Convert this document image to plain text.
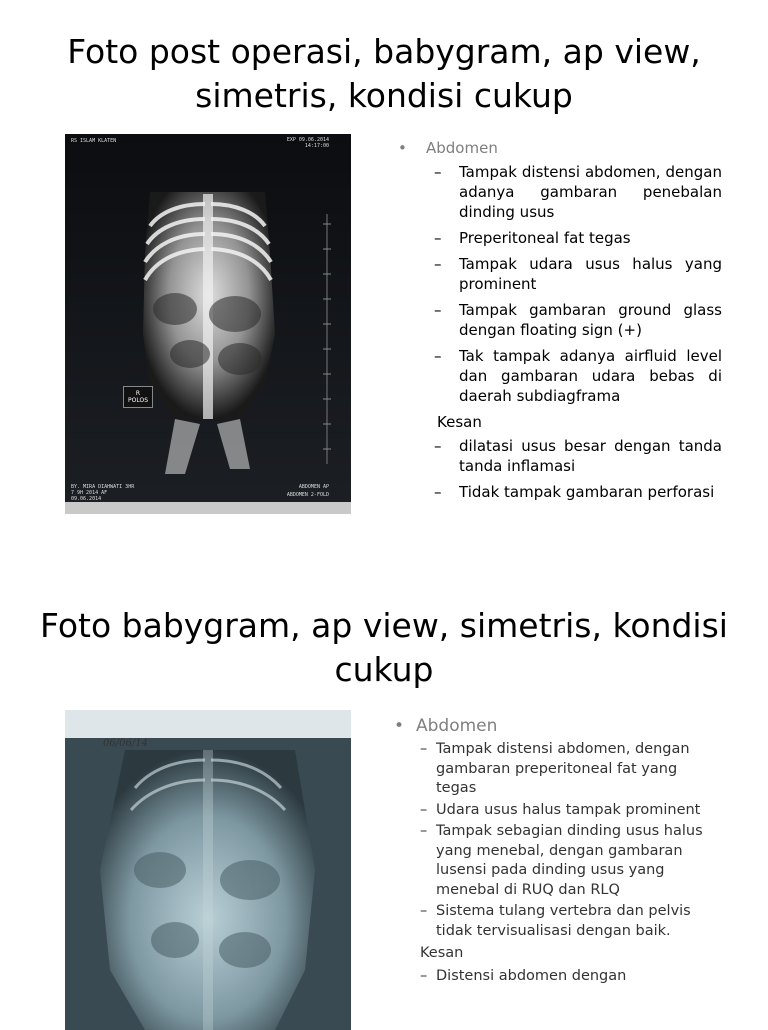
Foto post operasi, babygram, ap view, simetris, kondisi cukup
RS ISLAM KLATEN	EXP 09.06.2014
14:17:00
R
POLOS
BY. MIRA DIAHWATI 3HR
7 9H 2014 AF
09.06.2014
ABDOMEN AP
ABDOMEN 2-FOLD
• Abdomen
– Tampak distensi abdomen, dengan adanya gambaran penebalan dinding usus
– Preperitoneal fat tegas
– Tampak udara usus halus yang prominent
– Tampak gambaran ground glass dengan floating sign (+)
– Tak tampak adanya airfluid level dan gambaran udara bebas di daerah subdiagframa
Kesan
– dilatasi usus besar dengan tanda tanda inflamasi
– Tidak tampak gambaran perforasi
Foto babygram, ap view, simetris, kondisi cukup
06/06/14
• Abdomen
– Tampak distensi abdomen, dengan gambaran preperitoneal fat yang tegas
– Udara usus halus tampak prominent
– Tampak sebagian dinding usus halus yang menebal, dengan gambaran lusensi pada dinding usus yang menebal di RUQ dan RLQ
– Sistema tulang vertebra dan pelvis tidak tervisualisasi dengan baik.
Kesan
– Distensi abdomen dengan
